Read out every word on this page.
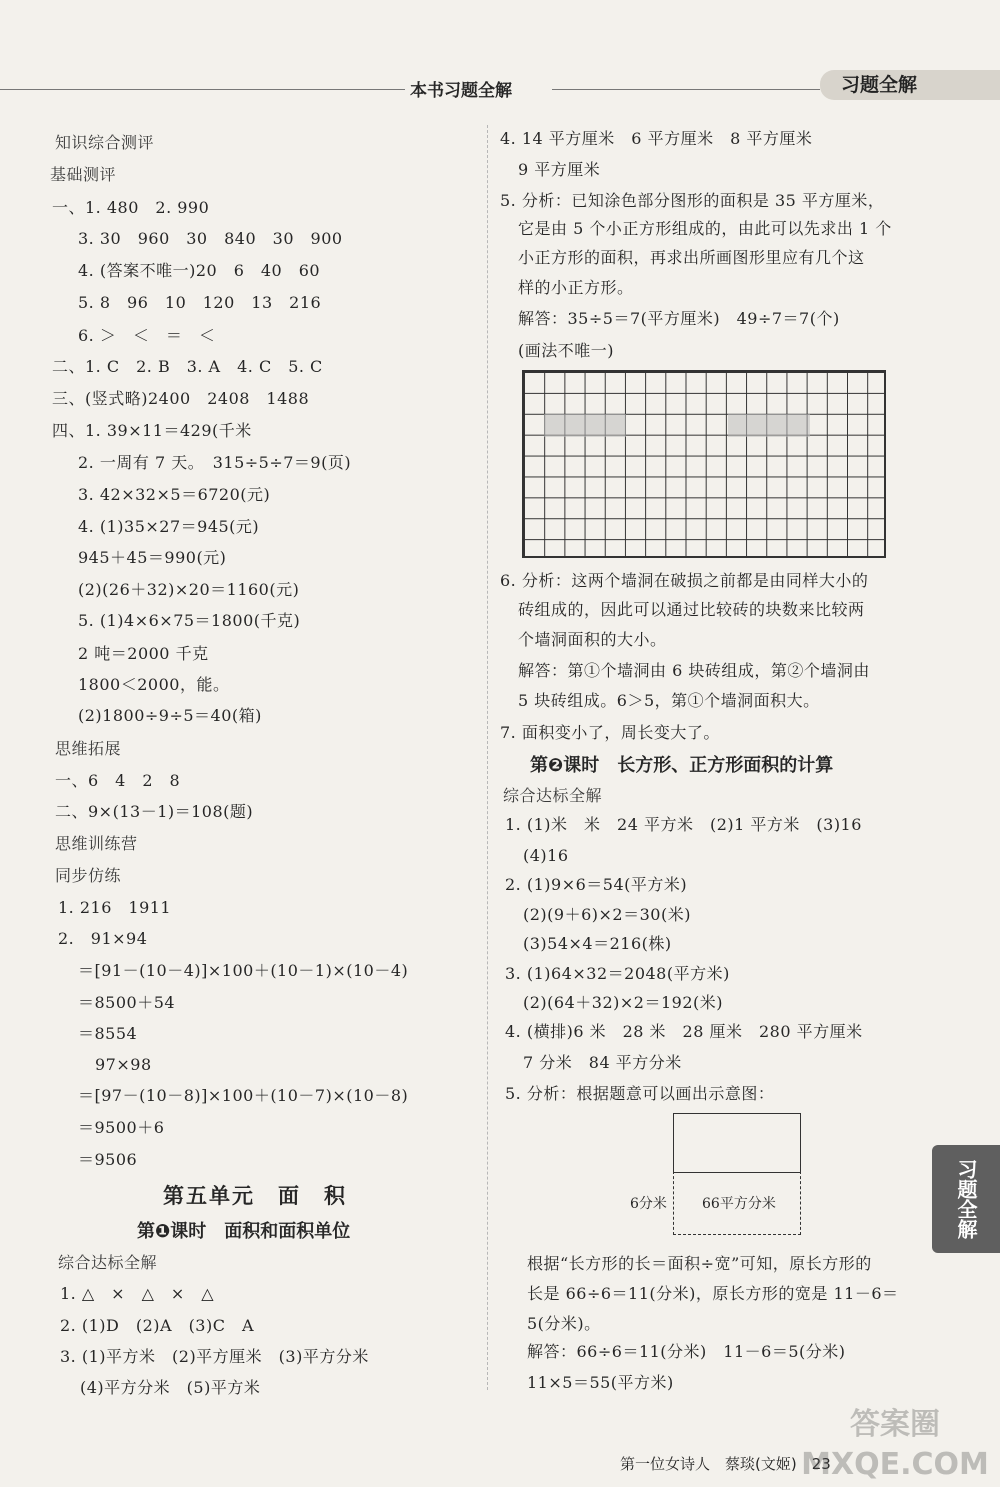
本书习题全解	习题全解
知识综合测评
基础测评
一、1. 480　2. 990
3. 30　960　30　840　30　900
4. (答案不唯一)20　6　40　60
5. 8　96　10　120　13　216
6. ＞　＜　＝　＜
二、1. C　2. B　3. A　4. C　5. C
三、(竖式略)2400　2408　1488
四、1. 39×11＝429(千米
2. 一周有 7 天。　315÷5÷7＝9(页)
3. 42×32×5＝6720(元)
4. (1)35×27＝945(元)
945＋45＝990(元)
(2)(26＋32)×20＝1160(元)
5. (1)4×6×75＝1800(千克)
2 吨＝2000 千克
1800＜2000，能。
(2)1800÷9÷5＝40(箱)
思维拓展
一、6　4　2　8
二、9×(13－1)＝108(题)
思维训练营
同步仿练
1. 216　1911
2.　91×94
＝[91－(10－4)]×100＋(10－1)×(10－4)
＝8500＋54
＝8554
97×98
＝[97－(10－8)]×100＋(10－7)×(10－8)
＝9500＋6
＝9506
综合达标全解
1. △　×　△　×　△
2. (1)D　(2)A　(3)C　A
3. (1)平方米　(2)平方厘米　(3)平方分米
(4)平方分米　(5)平方米
第五单元　面　积
第❶课时　面积和面积单位
4. 14 平方厘米　6 平方厘米　8 平方厘米
9 平方厘米
5. 分析：已知涂色部分图形的面积是 35 平方厘米，
它是由 5 个小正方形组成的，由此可以先求出 1 个
小正方形的面积，再求出所画图形里应有几个这
样的小正方形。
解答：35÷5＝7(平方厘米)　49÷7＝7(个)
(画法不唯一)
6. 分析：这两个墙洞在破损之前都是由同样大小的
砖组成的，因此可以通过比较砖的块数来比较两
个墙洞面积的大小。
解答：第①个墙洞由 6 块砖组成，第②个墙洞由
5 块砖组成。6＞5，第①个墙洞面积大。
7. 面积变小了，周长变大了。
综合达标全解
1. (1)米　米　24 平方米　(2)1 平方米　(3)16
(4)16
2. (1)9×6＝54(平方米)
(2)(9＋6)×2＝30(米)
(3)54×4＝216(株)
3. (1)64×32＝2048(平方米)
(2)(64＋32)×2＝192(米)
4. (横排)6 米　28 米　28 厘米　280 平方厘米
7 分米　84 平方分米
5. 分析：根据题意可以画出示意图：
根据“长方形的长＝面积÷宽”可知，原长方形的
长是 66÷6＝11(分米)，原长方形的宽是 11－6＝
5(分米)。
解答：66÷6＝11(分米)　11－6＝5(分米)
11×5＝55(平方米)
第❷课时　长方形、正方形面积的计算
6分米	66平方分米	习题全解
第一位女诗人　蔡琰(文姬)　23
答案圈 MXQE.COM
